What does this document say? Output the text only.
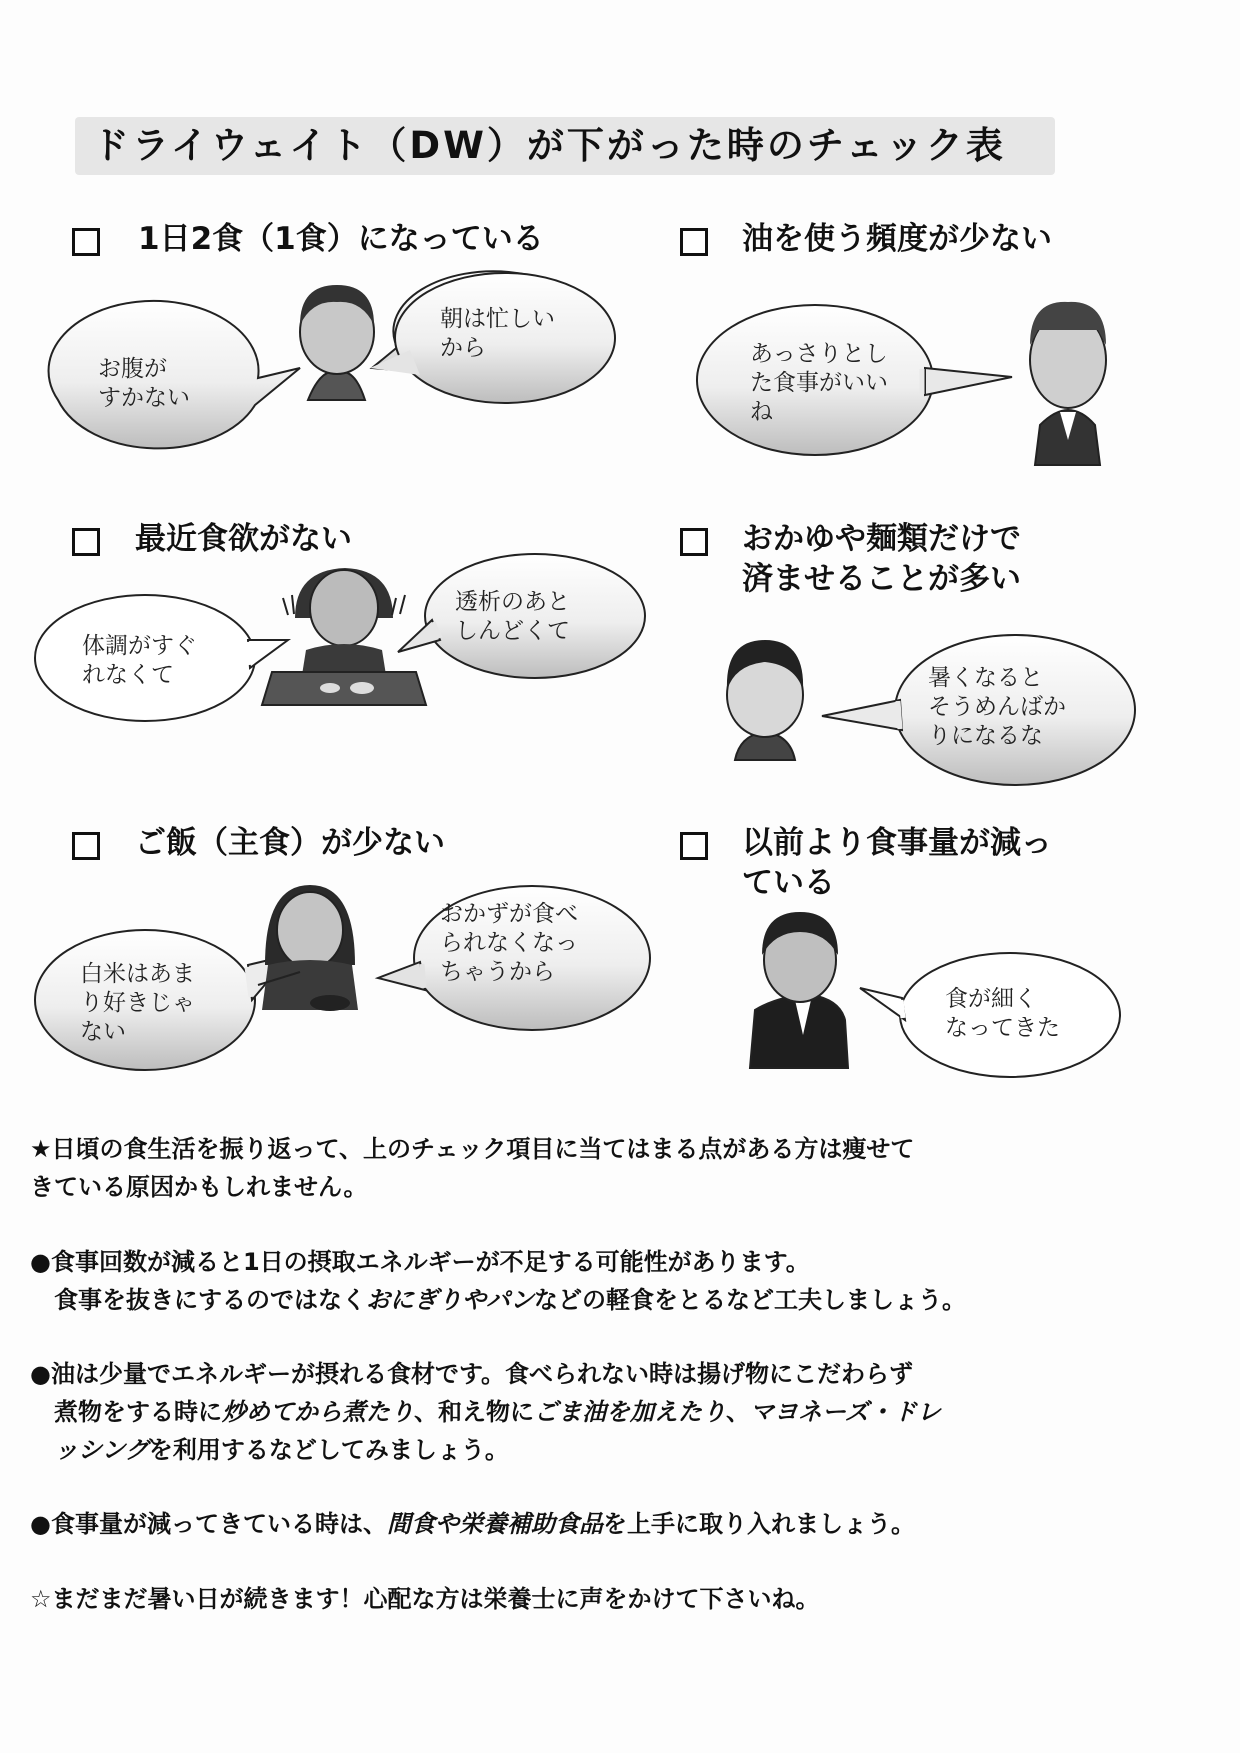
ドライウェイト（DW）が下がった時のチェック表
1日2食（1食）になっている	油を使う頻度が少ない
最近食欲がない	おかゆや麺類だけで
済ませることが多い
ご飯（主食）が少ない	以前より食事量が減っ
ている
お腹が
すかない
朝は忙しい
から	あっさりとし
た食事がいい
ね
体調がすぐ
れなくて
透析のあと
しんどくて
暑くなると
そうめんばか
りになるな
白米はあま
り好きじゃ
ない
おかずが食べ
られなくなっ
ちゃうから
食が細く
なってきた
★日頃の食生活を振り返って、上のチェック項目に当てはまる点がある方は痩せて
きている原因かもしれません。
●食事回数が減ると1日の摂取エネルギーが不足する可能性があります。
　食事を抜きにするのではなくおにぎりやパンなどの軽食をとるなど工夫しましょう。
●油は少量でエネルギーが摂れる食材です。食べられない時は揚げ物にこだわらず
　煮物をする時に炒めてから煮たり、和え物にごま油を加えたり、マヨネーズ・ドレ
　ッシングを利用するなどしてみましょう。
●食事量が減ってきている時は、間食や栄養補助食品を上手に取り入れましょう。
☆まだまだ暑い日が続きます！心配な方は栄養士に声をかけて下さいね。
